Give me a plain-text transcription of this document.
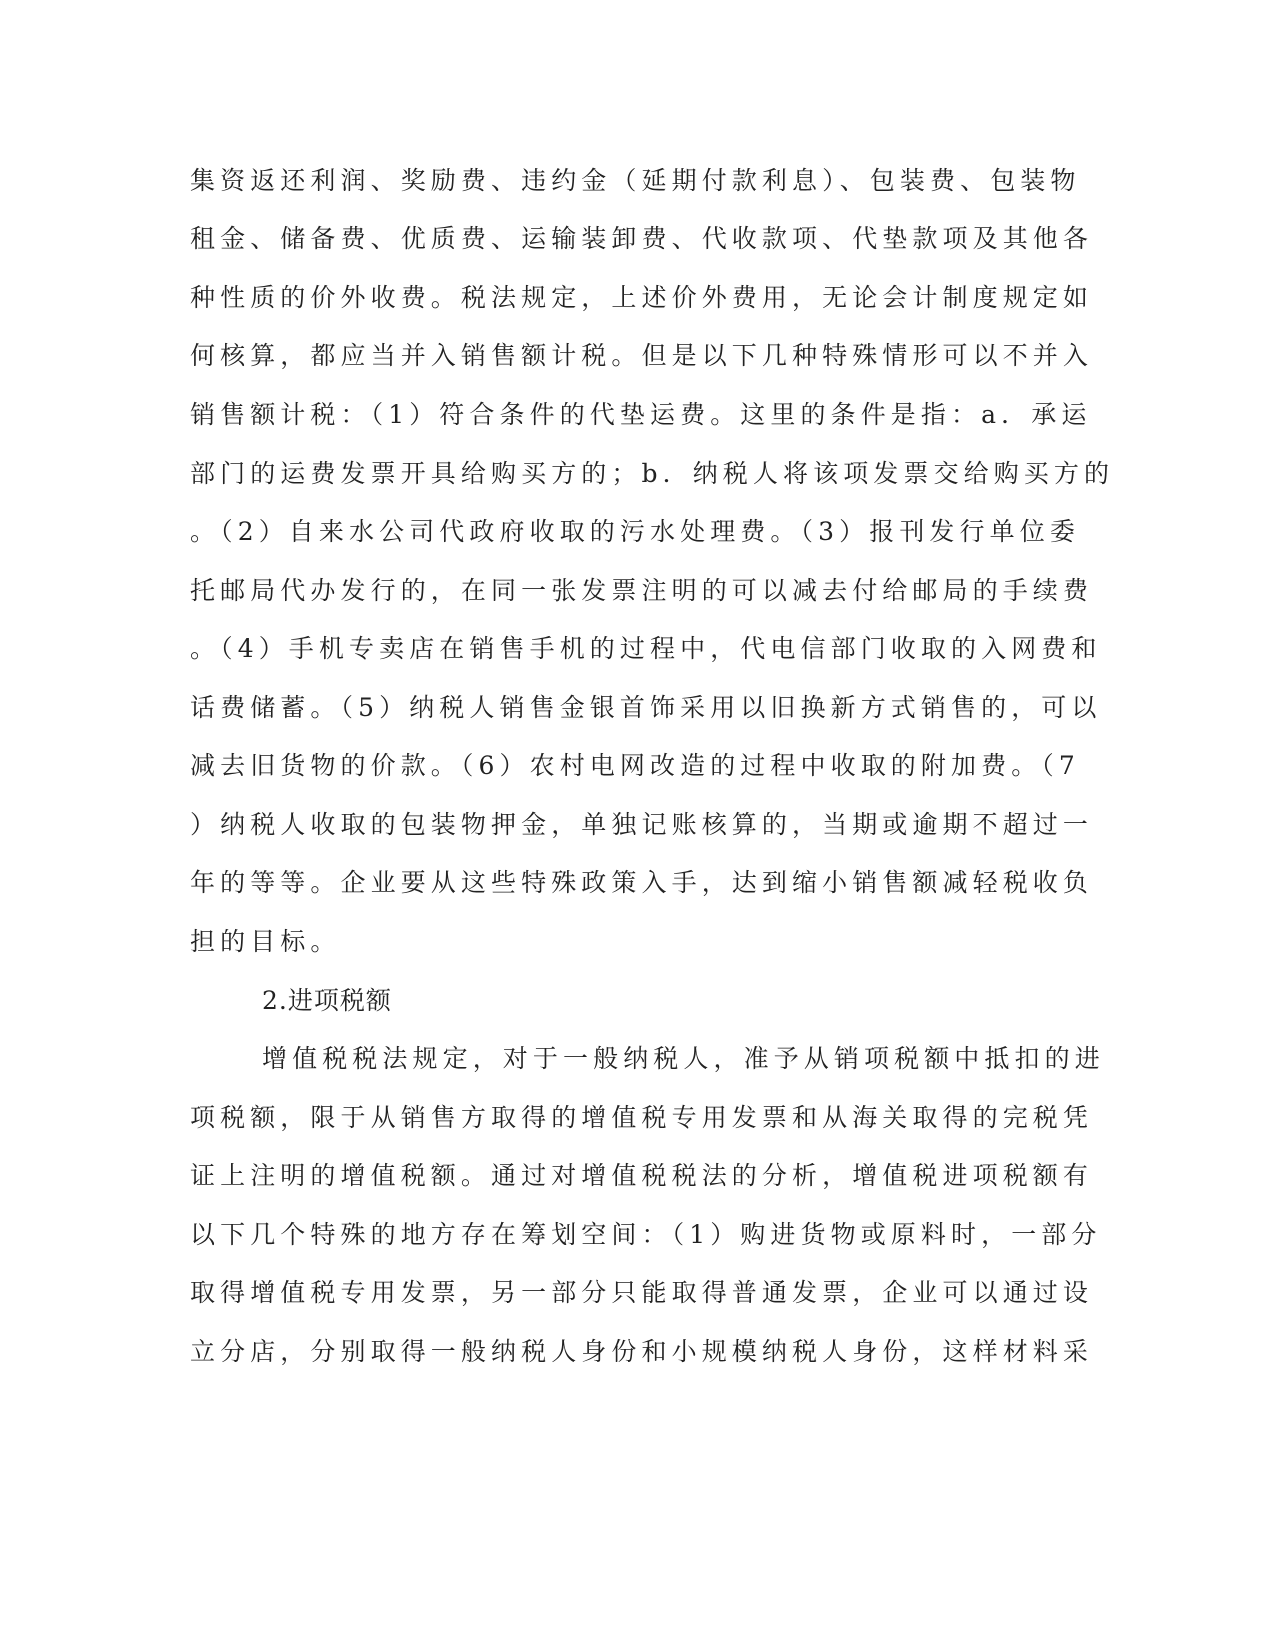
集资返还利润、奖励费、违约金（延期付款利息）、包装费、包装物
租金、储备费、优质费、运输装卸费、代收款项、代垫款项及其他各
种性质的价外收费。税法规定，上述价外费用，无论会计制度规定如
何核算，都应当并入销售额计税。但是以下几种特殊情形可以不并入
销售额计税：（1）符合条件的代垫运费。这里的条件是指：a．承运
部门的运费发票开具给购买方的；b．纳税人将该项发票交给购买方的
。（2）自来水公司代政府收取的污水处理费。（3）报刊发行单位委
托邮局代办发行的，在同一张发票注明的可以减去付给邮局的手续费
。（4）手机专卖店在销售手机的过程中，代电信部门收取的入网费和
话费储蓄。（5）纳税人销售金银首饰采用以旧换新方式销售的，可以
减去旧货物的价款。（6）农村电网改造的过程中收取的附加费。（7
）纳税人收取的包装物押金，单独记账核算的，当期或逾期不超过一
年的等等。企业要从这些特殊政策入手，达到缩小销售额减轻税收负
担的目标。
2.进项税额
增值税税法规定，对于一般纳税人，准予从销项税额中抵扣的进
项税额，限于从销售方取得的增值税专用发票和从海关取得的完税凭
证上注明的增值税额。通过对增值税税法的分析，增值税进项税额有
以下几个特殊的地方存在筹划空间：（1）购进货物或原料时，一部分
取得增值税专用发票，另一部分只能取得普通发票，企业可以通过设
立分店，分别取得一般纳税人身份和小规模纳税人身份，这样材料采
